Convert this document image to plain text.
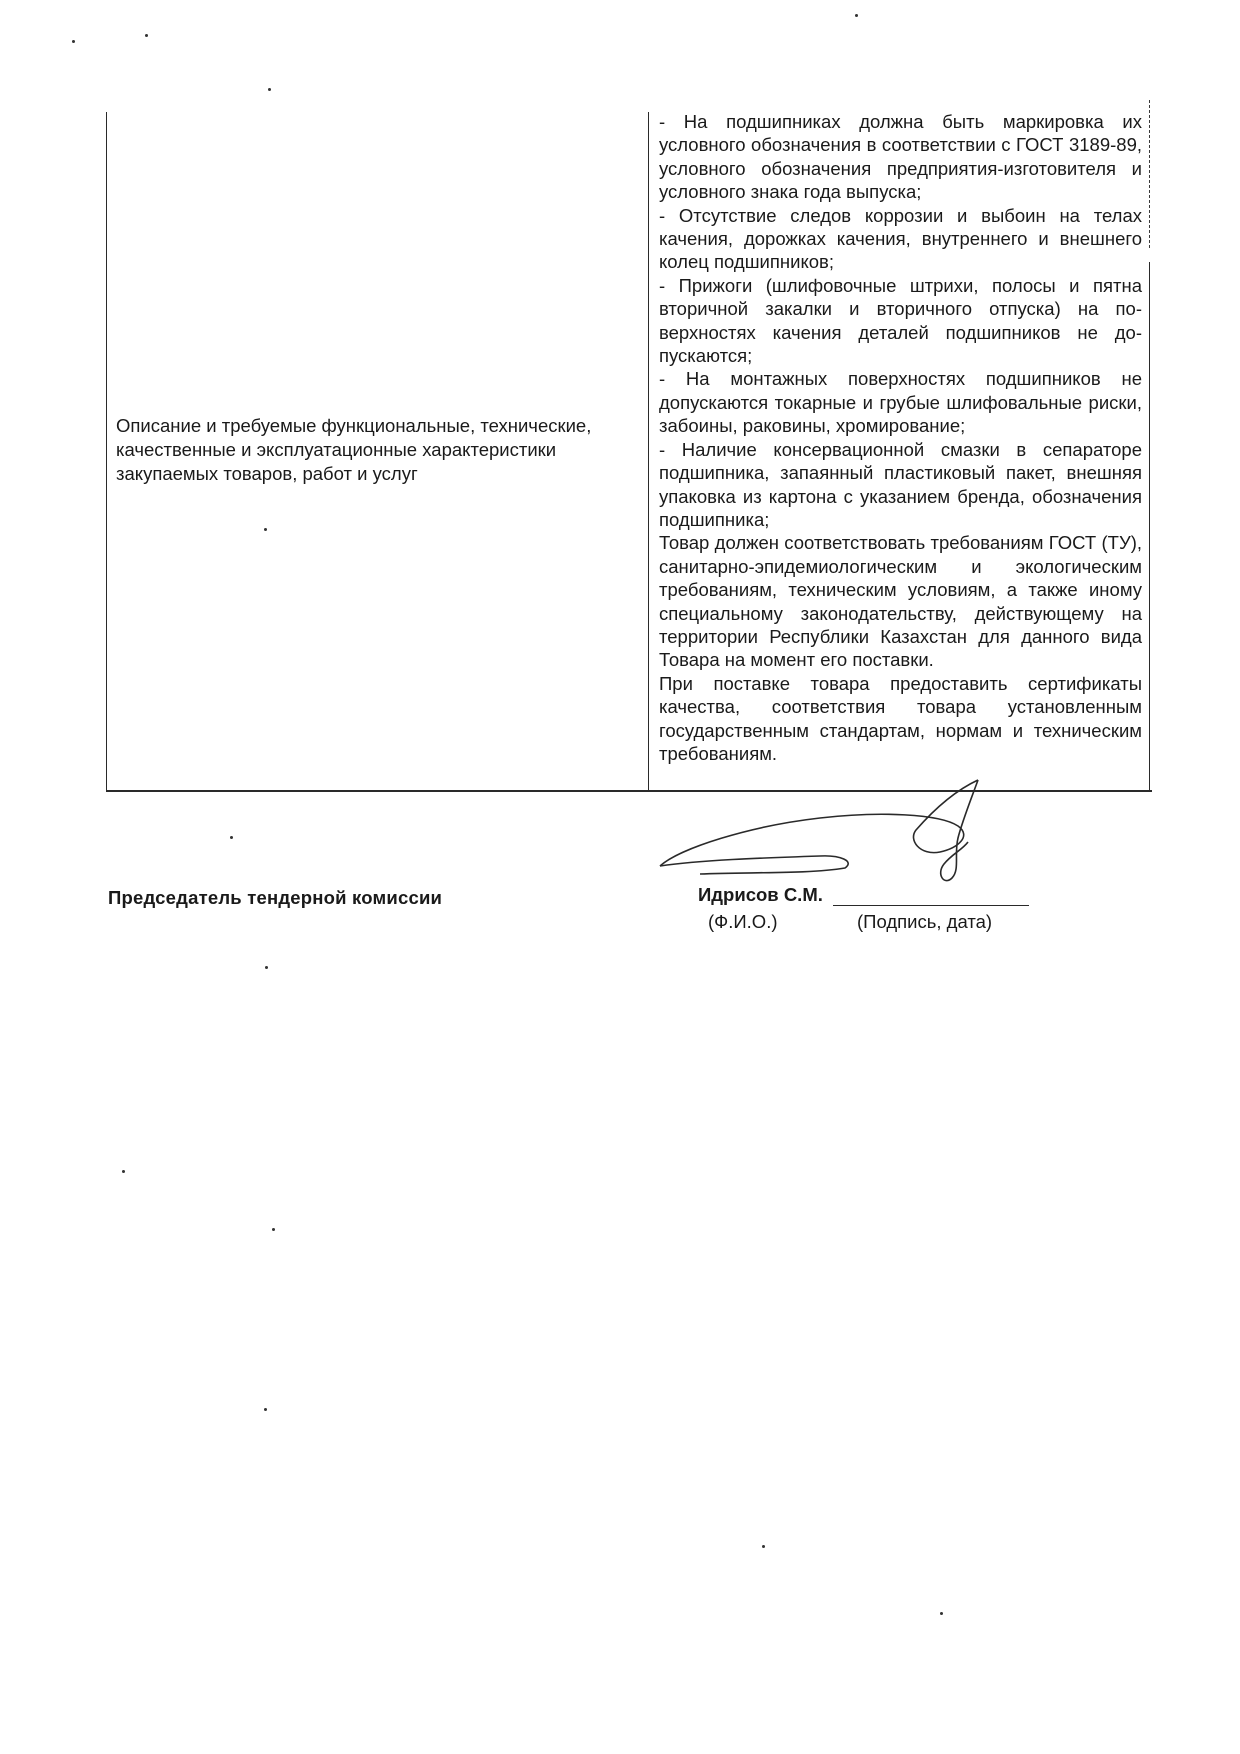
Описание и требуемые функциональные, технические, качественные и эксплуатационные характеристики закупаемых товаров, работ и услуг

- На подшипниках должна быть маркировка их условного обозначения в соответствии с ГОСТ 3189-89, условного обозначения предприятия-изготовителя и условного знака года выпуска;

- Отсутствие следов коррозии и выбоин на телах качения, дорожках качения, внутреннего и внешнего колец подшипников;

- Прижоги (шлифовочные штрихи, полосы и пятна вторичной закалки и вторичного отпуска) на поверхностях качения деталей подшипников не допускаются;

- На монтажных поверхностях подшипников не допускаются токарные и грубые шлифовальные риски, забоины, раковины, хромирование;

- Наличие консервационной смазки в сепараторе подшипника, запаянный пластиковый пакет, внешняя упаковка из картона с указанием бренда, обозначения подшипника;

Товар должен соответствовать требованиям ГОСТ (ТУ), санитарно-эпидемиологическим и экологическим требованиям, техническим условиям, а также иному специальному законодательству, действующему на территории Республики Казахстан для данного вида Товара на момент его поставки.

При поставке товара предоставить сертификаты качества, соответствия товара установленным государственным стандартам, нормам и техническим требованиям.

Председатель тендерной комиссии	Идрисов С.М.
(Ф.И.О.)	(Подпись, дата)
